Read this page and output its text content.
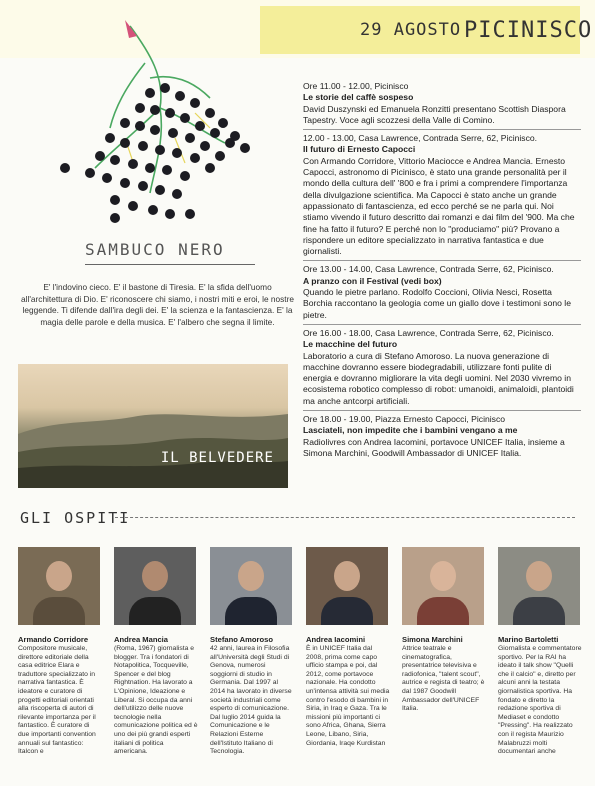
29 AGOSTO PICINISCO
SAMBUCO NERO
E' l'indovino cieco. E' il bastone di Tiresia. E' la sfida dell'uomo all'architettura di Dio. E' riconoscere chi siamo, i nostri miti e eroi, le nostre leggende. Ti difende dall'ira degli dei. E' la scienza e la fantascienza. E' la magia delle parole e della musica. E' l'albero che segna il limite.
IL BELVEDERE
Ore 11.00 - 12.00, Picinisco
Le storie del caffè sospeso
David Duszynski ed Emanuela Ronzitti presentano Scottish Diaspora Tapestry. Voce agli scozzesi della Valle di Comino.
12.00 - 13.00, Casa Lawrence, Contrada Serre, 62, Picinisco.
Il futuro di Ernesto Capocci
Con Armando Corridore, Vittorio Maciocce e Andrea Mancia. Ernesto Capocci, astronomo di Picinisco, è stato una grande personalità per il mondo della cultura dell' '800 e fra i primi a comprendere l'importanza della divulgazione scientifica. Ma Capocci è stato anche un grande appassionato di fantascienza, ed ecco perché se ne parla qui. Noi stiamo vivendo il futuro descritto dai romanzi e dai film del '900. Ma che fine ha fatto il futuro? E perché non lo "produciamo" più? Provano a rispondere un editore specializzato in narrativa fantastica e due giornalisti.
Ore 13.00 - 14.00, Casa Lawrence, Contrada Serre, 62, Picinisco.
A pranzo con il Festival (vedi box)
Quando le pietre parlano. Rodolfo Coccioni, Olivia Nesci, Rosetta Borchia raccontano la geologia come un giallo dove i testimoni sono le pietre.
Ore 16.00 - 18.00, Casa Lawrence, Contrada Serre, 62, Picinisco.
Le macchine del futuro
Laboratorio a cura di Stefano Amoroso. La nuova generazione di macchine dovranno essere biodegradabili, utilizzare fonti pulite di energia e dovranno migliorare la vita degli uomini. Nel 2030 vivremo in ecosistema robotico complesso di robot: umanoidi, animaloidi, plantoidi ma anche antcorpi artificiali.
Ore 18.00 - 19.00, Piazza Ernesto Capocci, Picinisco
Lasciateli, non impedite che i bambini vengano a me
Radiolivres con Andrea Iacomini, portavoce UNICEF Italia, insieme a Simona Marchini, Goodwill Ambassador di UNICEF Italia.
GLI OSPITI
Armando Corridore
Compositore musicale, direttore editoriale della casa editrice Elara e traduttore specializzato in narrativa fantastica. È ideatore e curatore di progetti editoriali orientati alla riscoperta di autori di rilevante importanza per il fantastico. È curatore di due importanti convention annuali sul fantastico: Italcon e
Andrea Mancia
(Roma, 1967) giornalista e blogger. Tra i fondatori di Notapolitica, Tocqueville, Spencer e del blog Rightnation. Ha lavorato a L'Opinione, Ideazione e Liberal. Si occupa da anni dell'utilizzo delle nuove tecnologie nella comunicazione politica ed è uno dei più grandi esperti italiani di politica americana.
Stefano Amoroso
42 anni, laurea in Filosofia all'Università degli Studi di Genova, numerosi soggiorni di studio in Germania. Dal 1997 al 2014 ha lavorato in diverse società industriali come esperto di comunicazione. Dal luglio 2014 guida la Comunicazione e le Relazioni Esterne dell'Istituto Italiano di Tecnologia.
Andrea Iacomini
È in UNICEF Italia dal 2008, prima come capo ufficio stampa e poi, dal 2012, come portavoce nazionale. Ha condotto un'intensa attività sui media contro l'esodo di bambini in Siria, in Iraq e Gaza. Tra le missioni più importanti ci sono Africa, Ghana, Sierra Leone, Libano, Siria, Giordania, Iraqe Kurdistan
Simona Marchini
Attrice teatrale e cinematografica, presentatrice televisiva e radiofonica, "talent scout", autrice e regista di teatro; è dal 1987 Goodwill Ambassador dell'UNICEF Italia.
Marino Bartoletti
Giornalista e commentatore sportivo. Per la RAI ha ideato il talk show "Quelli che il calcio" e, diretto per alcuni anni la testata giornalistica sportiva. Ha fondato e diretto la redazione sportiva di Mediaset e condotto "Pressing". Ha realizzato con il regista Maurizio Malabruzzi molti documentari anche
